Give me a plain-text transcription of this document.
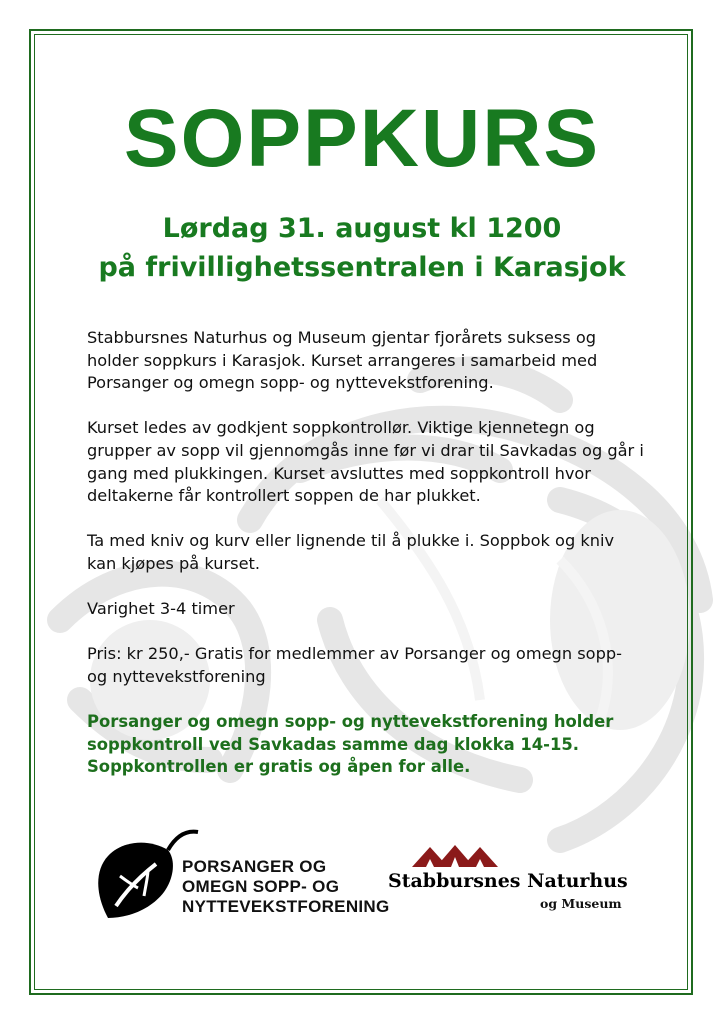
SOPPKURS
Lørdag 31. august kl 1200
på frivillighetssentralen i Karasjok

Stabbursnes Naturhus og Museum gjentar fjorårets suksess og holder soppkurs i Karasjok. Kurset arrangeres i samarbeid med Porsanger og omegn sopp- og nyttevekstforening.

Kurset ledes av godkjent soppkontrollør. Viktige kjennetegn og grupper av sopp vil gjennomgås inne før vi drar til Savkadas og går i gang med plukkingen. Kurset avsluttes med soppkontroll hvor deltakerne får kontrollert soppen de har plukket.

Ta med kniv og kurv eller lignende til å plukke i. Soppbok og kniv kan kjøpes på kurset.

Varighet 3-4 timer

Pris: kr 250,- Gratis for medlemmer av Porsanger og omegn sopp- og nyttevekstforening

Porsanger og omegn sopp- og nyttevekstforening holder soppkontroll ved Savkadas samme dag klokka 14-15. Soppkontrollen er gratis og åpen for alle.

PORSANGER OG
OMEGN SOPP- OG
NYTTEVEKSTFORENING
Stabbursnes Naturhus
og Museum
